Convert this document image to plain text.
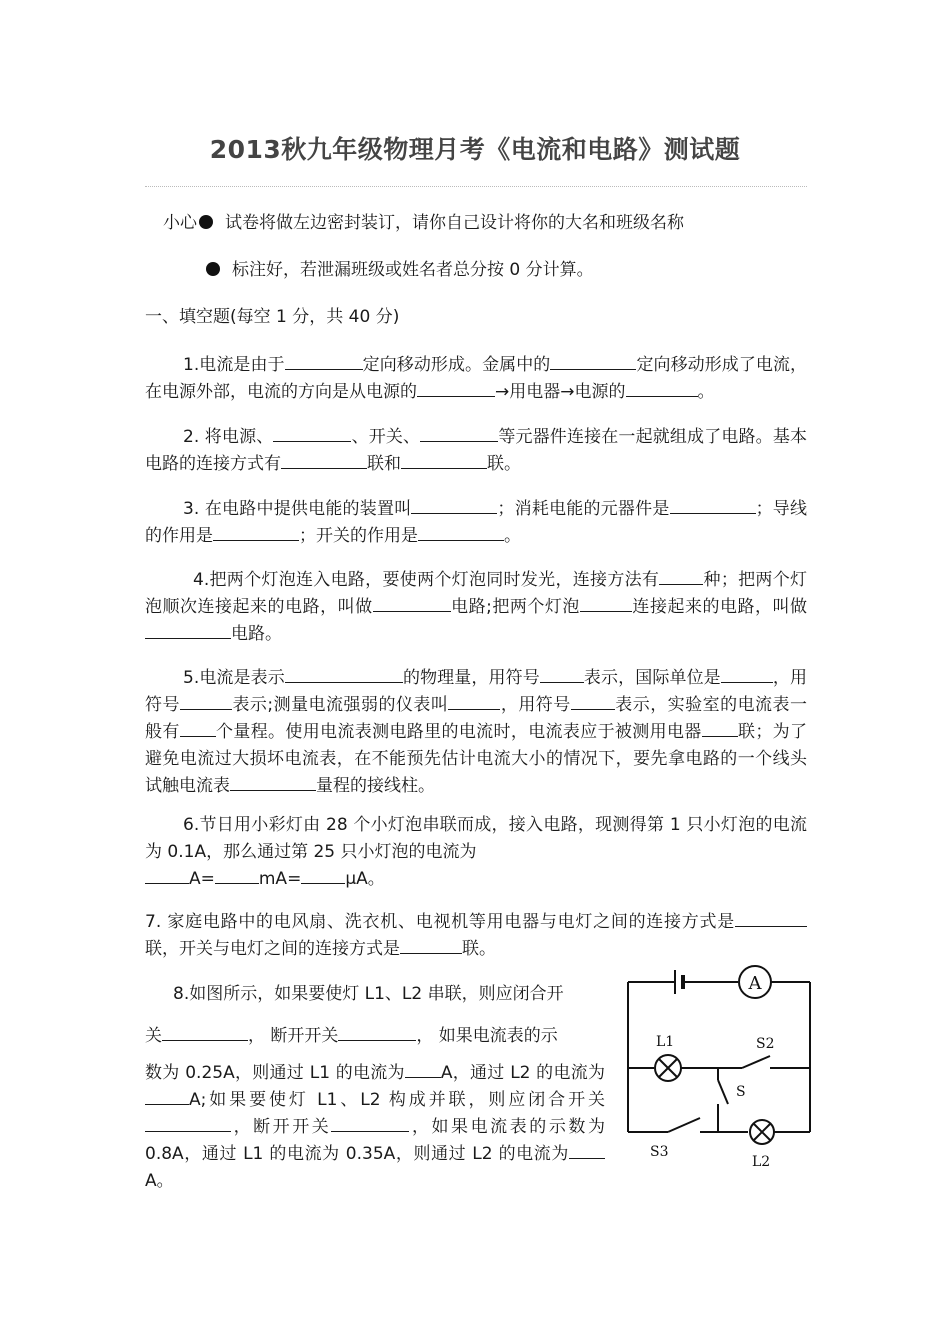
2013秋九年级物理月考《电流和电路》测试题
小心 试卷将做左边密封装订，请你自己设计将你的大名和班级名称
标注好，若泄漏班级或姓名者总分按 0 分计算。
一、填空题(每空 1 分，共 40 分)
1.电流是由于	定向移动形成。金属中的	定向移动形成了电流，在电源外部，电流的方向是从电源的	→用电器→电源的	。
2. 将电源、	、开关、	等元器件连接在一起就组成了电路。基本电路的连接方式有	联和	联。
3. 在电路中提供电能的装置叫	；消耗电能的元器件是	；导线的作用是	；开关的作用是	。
4.把两个灯泡连入电路，要使两个灯泡同时发光，连接方法有	种；把两个灯泡顺次连接起来的电路，叫做	电路;把两个灯泡	连接起来的电路，叫做电路。
5.电流是表示	的物理量，用符号	表示，国际单位是	，用符号	表示;测量电流强弱的仪表叫	，用符号	表示，实验室的电流表一般有 个量程。使用电流表测电路里的电流时，电流表应于被测用电器 联；为了避免电流过大损坏电流表，在不能预先估计电流大小的情况下，要先拿电路的一个线头试触电流表	量程的接线柱。
6.节日用小彩灯由 28 个小灯泡串联而成，接入电路，现测得第 1 只小灯泡的电流为 0.1A，那么通过第 25 只小灯泡的电流为
A=	mA=	μA。
7. 家庭电路中的电风扇、洗衣机、电视机等用电器与电灯之间的连接方式是联，开关与电灯之间的连接方式是	联。
8.如图所示，如果要使灯 L1、L2 串联，则应闭合开
关	， 断开开关	， 如果电流表的示
数为 0.25A，则通过 L1 的电流为 A，通过 L2 的电流为A;如果要使灯 L1、L2 构成并联，则应闭合开关，断开开关	，如果电流表的示数为 0.8A，通过 L1 的电流为 0.35A，则通过 L2 的电流为A。
A
L1	S2
S
S3
L2
